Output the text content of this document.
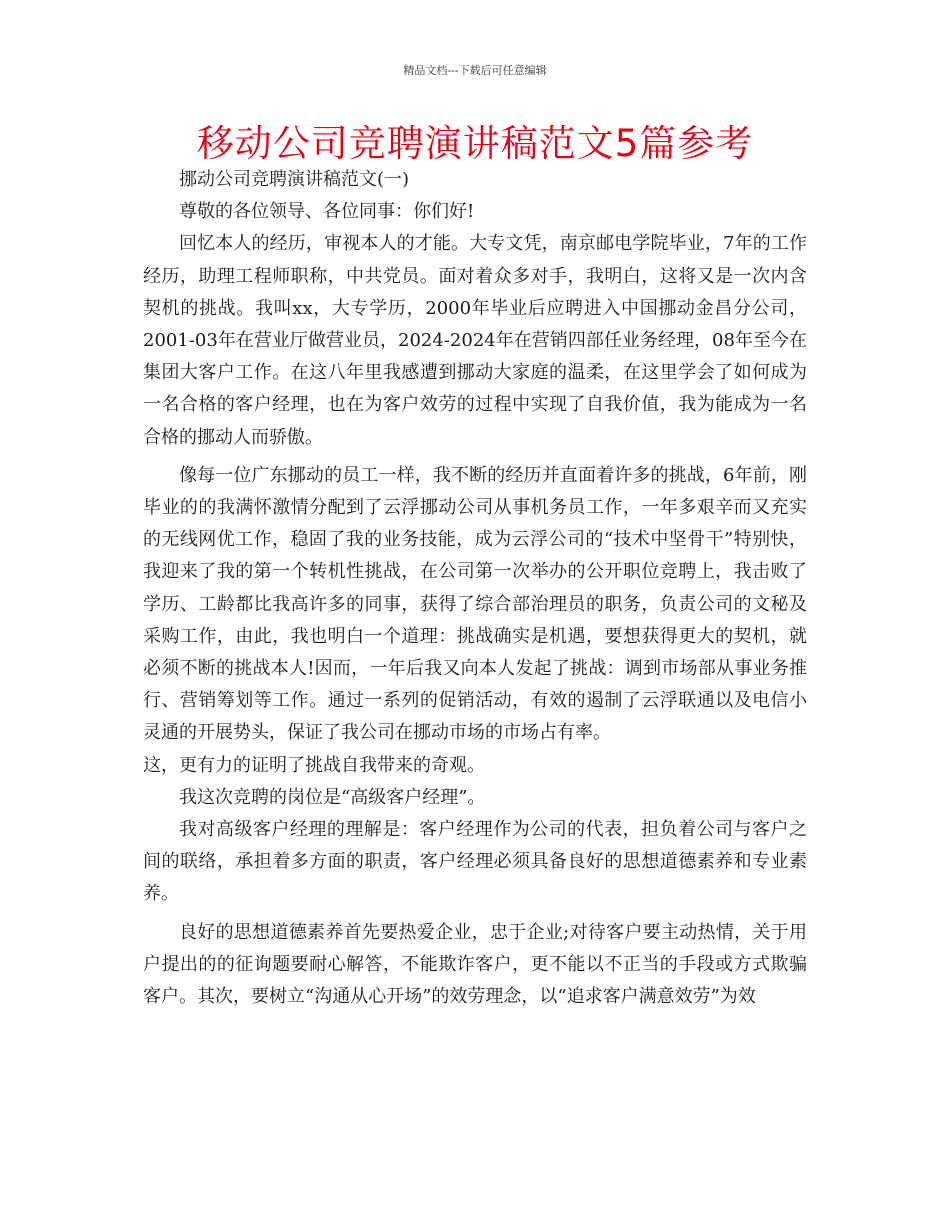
精品文档---下载后可任意编辑
移动公司竞聘演讲稿范文5篇参考

挪动公司竞聘演讲稿范文(一)

尊敬的各位领导、各位同事：你们好!

回忆本人的经历，审视本人的才能。大专文凭，南京邮电学院毕业，7年的工作经历，助理工程师职称，中共党员。面对着众多对手，我明白，这将又是一次内含契机的挑战。我叫xx，大专学历，2000年毕业后应聘进入中国挪动金昌分公司，2001-03年在营业厅做营业员，2024-2024年在营销四部任业务经理，08年至今在集团大客户工作。在这八年里我感遭到挪动大家庭的温柔，在这里学会了如何成为一名合格的客户经理，也在为客户效劳的过程中实现了自我价值，我为能成为一名合格的挪动人而骄傲。

像每一位广东挪动的员工一样，我不断的经历并直面着许多的挑战，6年前，刚毕业的的我满怀激情分配到了云浮挪动公司从事机务员工作，一年多艰辛而又充实的无线网优工作，稳固了我的业务技能，成为云浮公司的“技术中坚骨干”特别快，我迎来了我的第一个转机性挑战，在公司第一次举办的公开职位竞聘上，我击败了学历、工龄都比我高许多的同事，获得了综合部治理员的职务，负责公司的文秘及采购工作，由此，我也明白一个道理：挑战确实是机遇，要想获得更大的契机，就必须不断的挑战本人!因而，一年后我又向本人发起了挑战：调到市场部从事业务推行、营销筹划等工作。通过一系列的促销活动，有效的遏制了云浮联通以及电信小灵通的开展势头，保证了我公司在挪动市场的市场占有率。

这，更有力的证明了挑战自我带来的奇观。

我这次竞聘的岗位是“高级客户经理”。

我对高级客户经理的理解是：客户经理作为公司的代表，担负着公司与客户之间的联络，承担着多方面的职责，客户经理必须具备良好的思想道德素养和专业素养。

良好的思想道德素养首先要热爱企业，忠于企业;对待客户要主动热情，关于用户提出的的征询题要耐心解答，不能欺诈客户，更不能以不正当的手段或方式欺骗客户。其次，要树立“沟通从心开场”的效劳理念，以“追求客户满意效劳”为效
